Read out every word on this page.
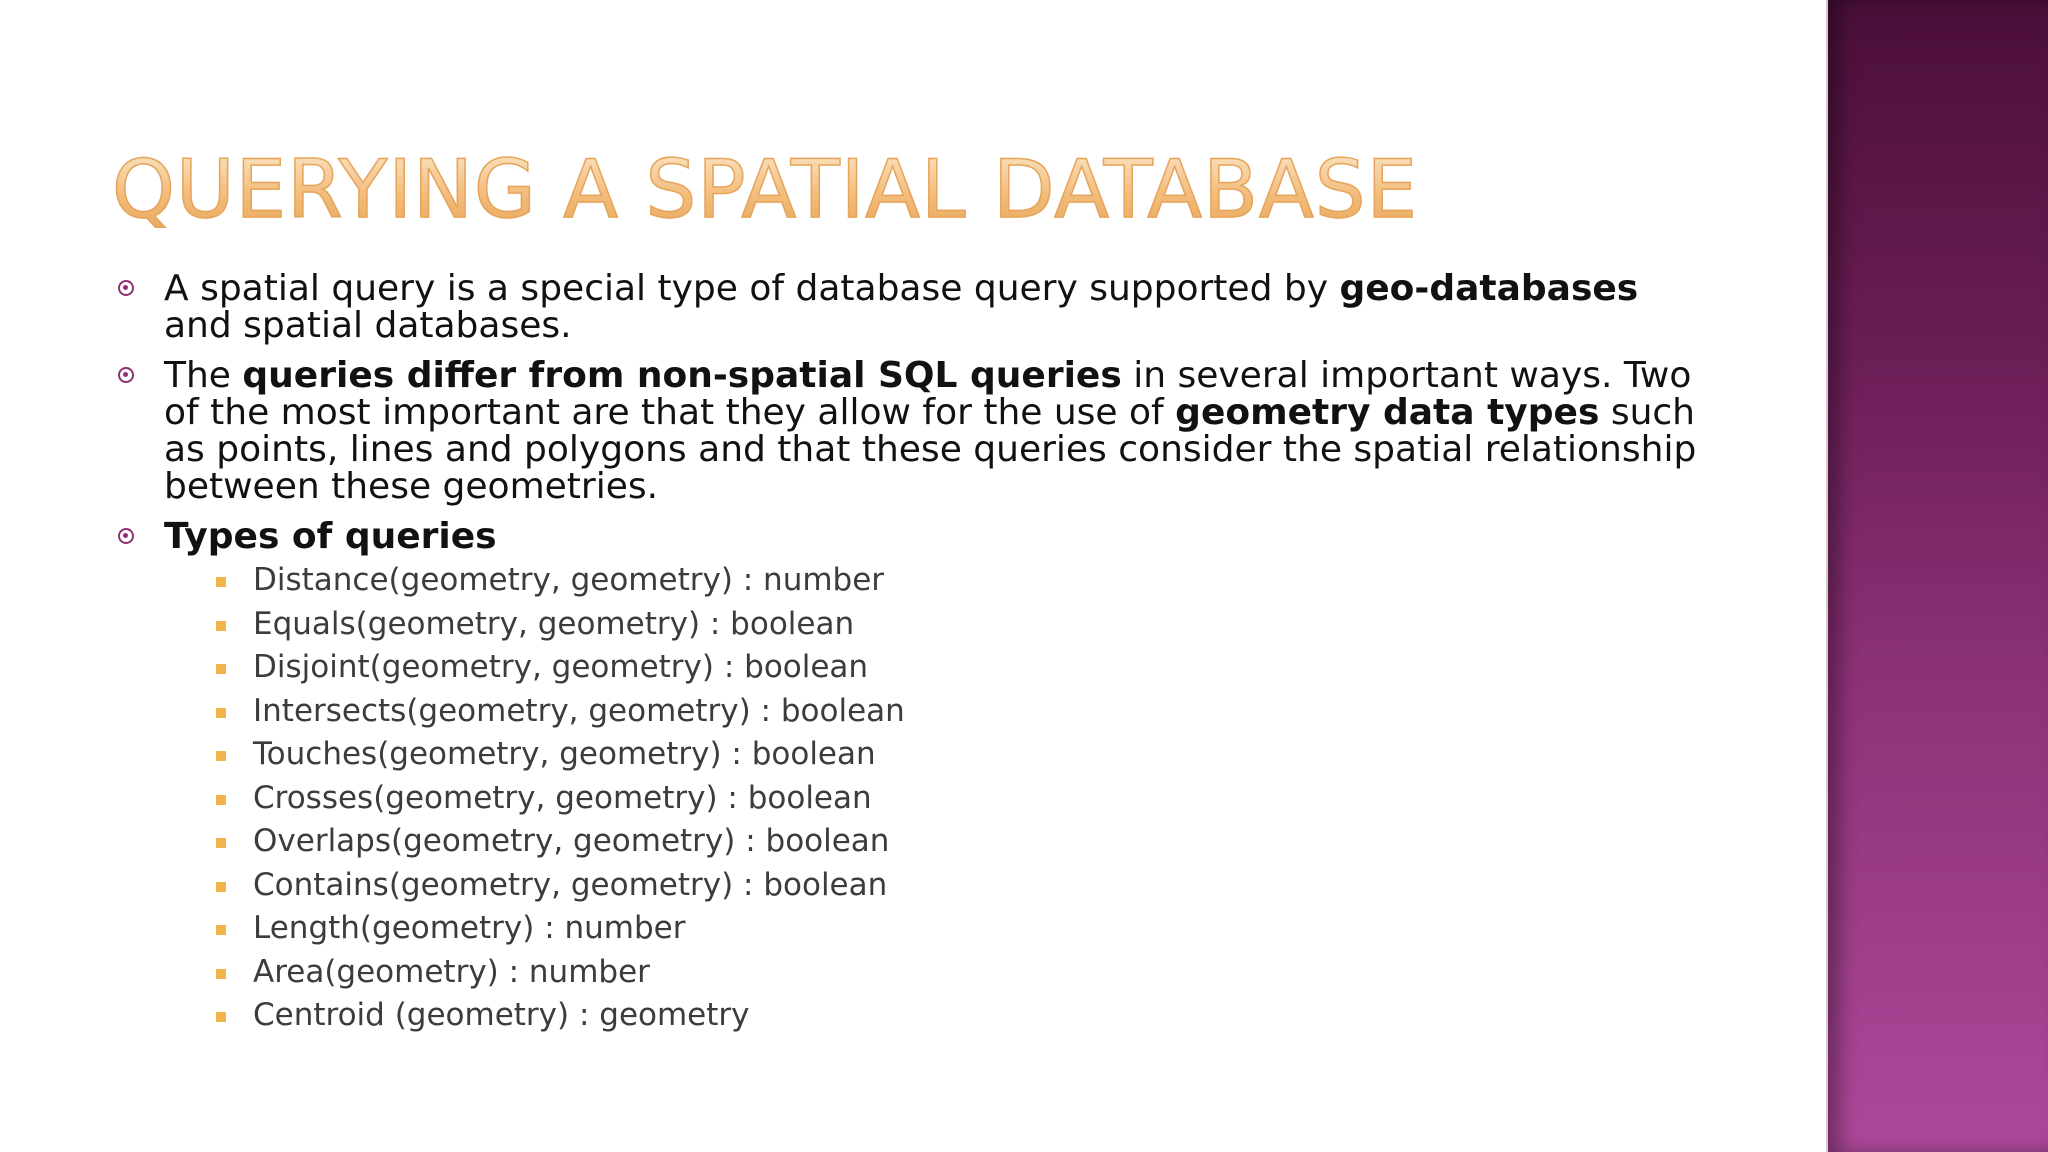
QUERYING A SPATIAL DATABASE
A spatial query is a special type of database query supported by geo-databases and spatial databases.
The queries differ from non-spatial SQL queries in several important ways. Two of the most important are that they allow for the use of geometry data types such as points, lines and polygons and that these queries consider the spatial relationship between these geometries.
Types of queries
Distance(geometry, geometry) : number
Equals(geometry, geometry) : boolean
Disjoint(geometry, geometry) : boolean
Intersects(geometry, geometry) : boolean
Touches(geometry, geometry) : boolean
Crosses(geometry, geometry) : boolean
Overlaps(geometry, geometry) : boolean
Contains(geometry, geometry) : boolean
Length(geometry) : number
Area(geometry) : number
Centroid (geometry) : geometry
